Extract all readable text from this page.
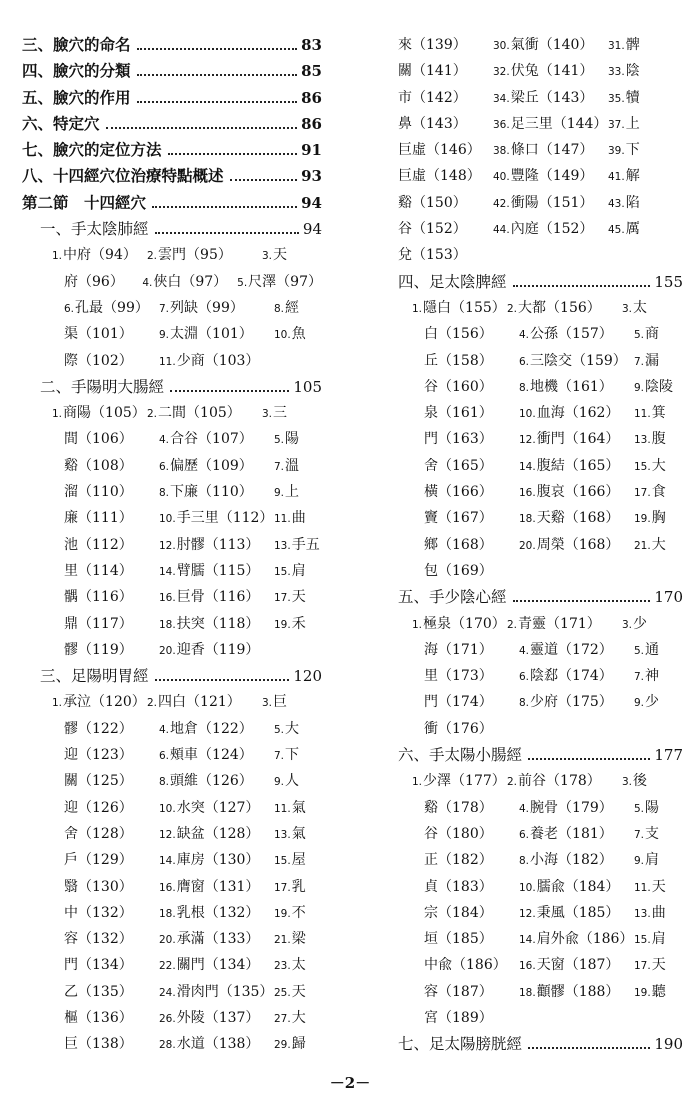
三、臉穴的命名	83
四、臉穴的分類	85
五、臉穴的作用	86
六、特定穴	86
七、臉穴的定位方法	91
八、十四經穴位治療特點概述	93
第二節　十四經穴	94
一、手太陰肺經	94
1.中府（94） 2.雲門（95）	3.天
府（96）	4.俠白（97） 5.尺澤（97）
6.孔最（99） 7.列缺（99）	8.經
渠（101）	9.太淵（101）	10.魚
際（102）	11.少商（103）
二、手陽明大腸經	105
1.商陽（105） 2.二間（105）	3.三
間（106）	4.合谷（107）	5.陽
谿（108）	6.偏歷（109）	7.溫
溜（110）	8.下廉（110）	9.上
廉（111）	10.手三里（112） 11.曲
池（112）	12.肘髎（113）	13.手五
里（114）	14.臂臑（115）	15.肩
髃（116）	16.巨骨（116）	17.天
鼎（117）	18.扶突（118）	19.禾
髎（119）	20.迎香（119）
三、足陽明胃經	120
1.承泣（120） 2.四白（121）	3.巨
髎（122）	4.地倉（122）	5.大
迎（123）	6.頰車（124）	7.下
關（125）	8.頭維（126）	9.人
迎（126）	10.水突（127）	11.氣
舍（128）	12.缺盆（128）	13.氣
戶（129）	14.庫房（130）	15.屋
翳（130）	16.膺窗（131）	17.乳
中（132）	18.乳根（132）	19.不
容（132）	20.承滿（133）	21.梁
門（134）	22.關門（134）	23.太
乙（135）	24.滑肉門（135） 25.天
樞（136）	26.外陵（137）	27.大
巨（138）	28.水道（138）	29.歸
來（139）	30.氣衝（140）	31.髀
關（141）	32.伏兔（141）	33.陰
市（142）	34.梁丘（143）	35.犢
鼻（143）	36.足三里（144） 37.上
巨虛（146）	38.條口（147）	39.下
巨虛（148）	40.豐隆（149）	41.解
谿（150）	42.衝陽（151）	43.陷
谷（152）	44.內庭（152）	45.厲
兌（153）
四、足太陰脾經	155
1.隱白（155） 2.大都（156）	3.太
白（156）	4.公孫（157）	5.商
丘（158）	6.三陰交（159） 7.漏
谷（160）	8.地機（161）	9.陰陵
泉（161）	10.血海（162）	11.箕
門（163）	12.衝門（164）	13.腹
舍（165）	14.腹結（165）	15.大
橫（166）	16.腹哀（166）	17.食
竇（167）	18.天谿（168）	19.胸
鄉（168）	20.周榮（168）	21.大
包（169）
五、手少陰心經	170
1.極泉（170） 2.青靈（171）	3.少
海（171）	4.靈道（172）	5.通
里（173）	6.陰郄（174）	7.神
門（174）	8.少府（175）	9.少
衝（176）
六、手太陽小腸經	177
1.少澤（177） 2.前谷（178）	3.後
谿（178）	4.腕骨（179）	5.陽
谷（180）	6.養老（181）	7.支
正（182）	8.小海（182）	9.肩
貞（183）	10.臑兪（184）	11.天
宗（184）	12.秉風（185）	13.曲
垣（185）	14.肩外兪（186） 15.肩
中兪（186）	16.天窗（187）	17.天
容（187）	18.顴髎（188）	19.聽
宮（189）
七、足太陽膀胱經	190
－2－
